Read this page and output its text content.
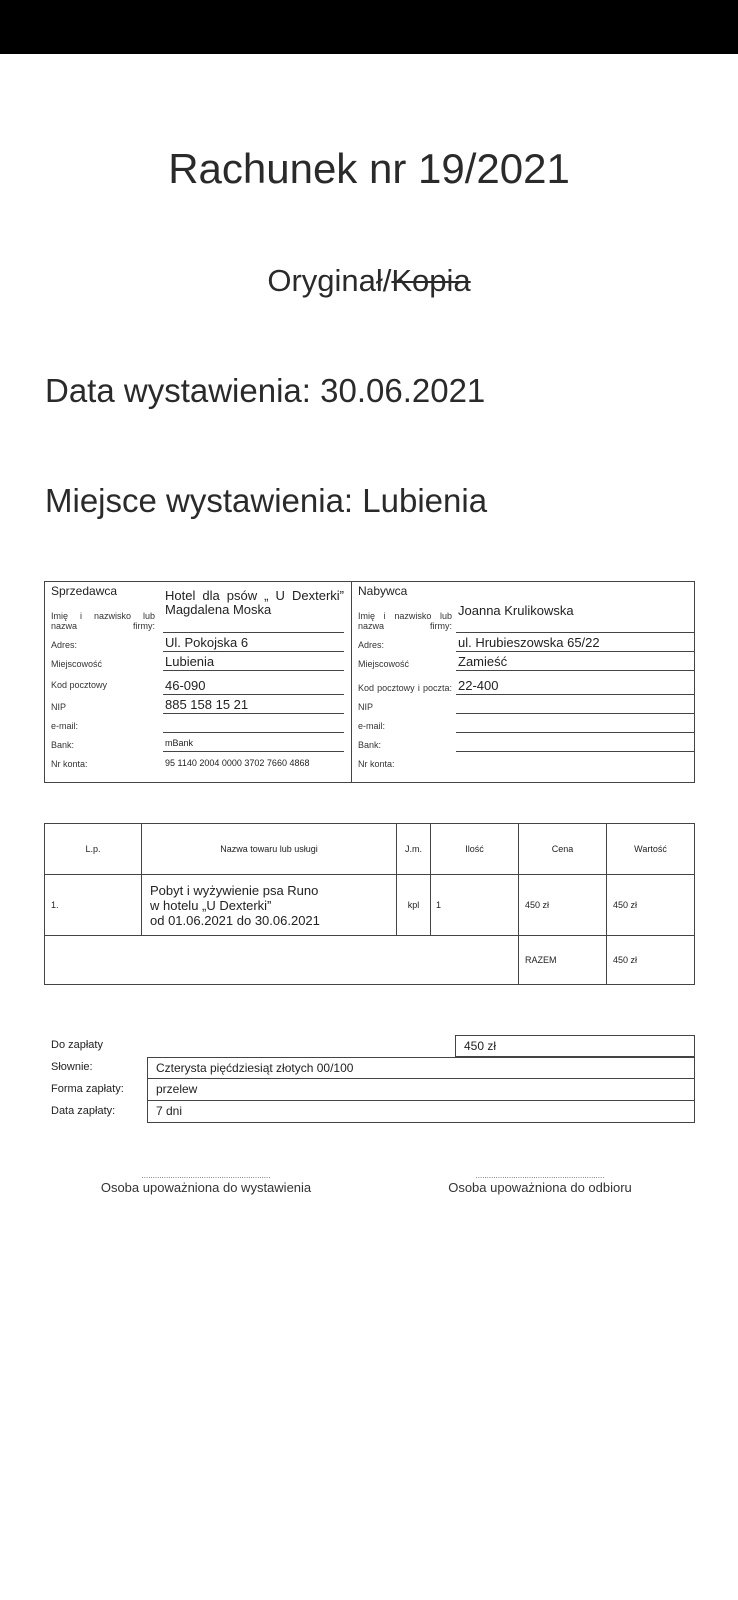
Rachunek nr 19/2021
Oryginał/Kopia
Data wystawienia: 30.06.2021
Miejsce wystawienia: Lubienia
Sprzedawca
Imię i nazwisko lub nazwa firmy:
Hotel dla psów „ U Dexterki” Magdalena Moska
Adres:	Ul. Pokojska 6
Miejscowość	Lubienia
Kod pocztowy	46-090
NIP	885 158 15 21
e-mail:
Bank:	mBank
Nr konta:	95 1140 2004 0000 3702 7660 4868
Nabywca
Imię i nazwisko lub nazwa firmy:
Joanna Krulikowska
Adres:	ul. Hrubieszowska 65/22
Miejscowość	Zamieść
Kod pocztowy i poczta: 22-400
NIP
e-mail:
Bank:
Nr konta:
L.p.	Nazwa towaru lub usługi	J.m.	Ilość	Cena	Wartość
1.	Pobyt i wyżywienie psa Runo
w hotelu „U Dexterki”
od 01.06.2021 do 30.06.2021	kpl	1	450 zł	450 zł
				RAZEM	450 zł
Do zapłaty	450 zł
Słownie:	Czterysta pięćdziesiąt złotych 00/100
Forma zapłaty:	przelew
Data zapłaty:	7 dni
..........................................................
Osoba upoważniona do wystawienia
..........................................................
Osoba upoważniona do odbioru
